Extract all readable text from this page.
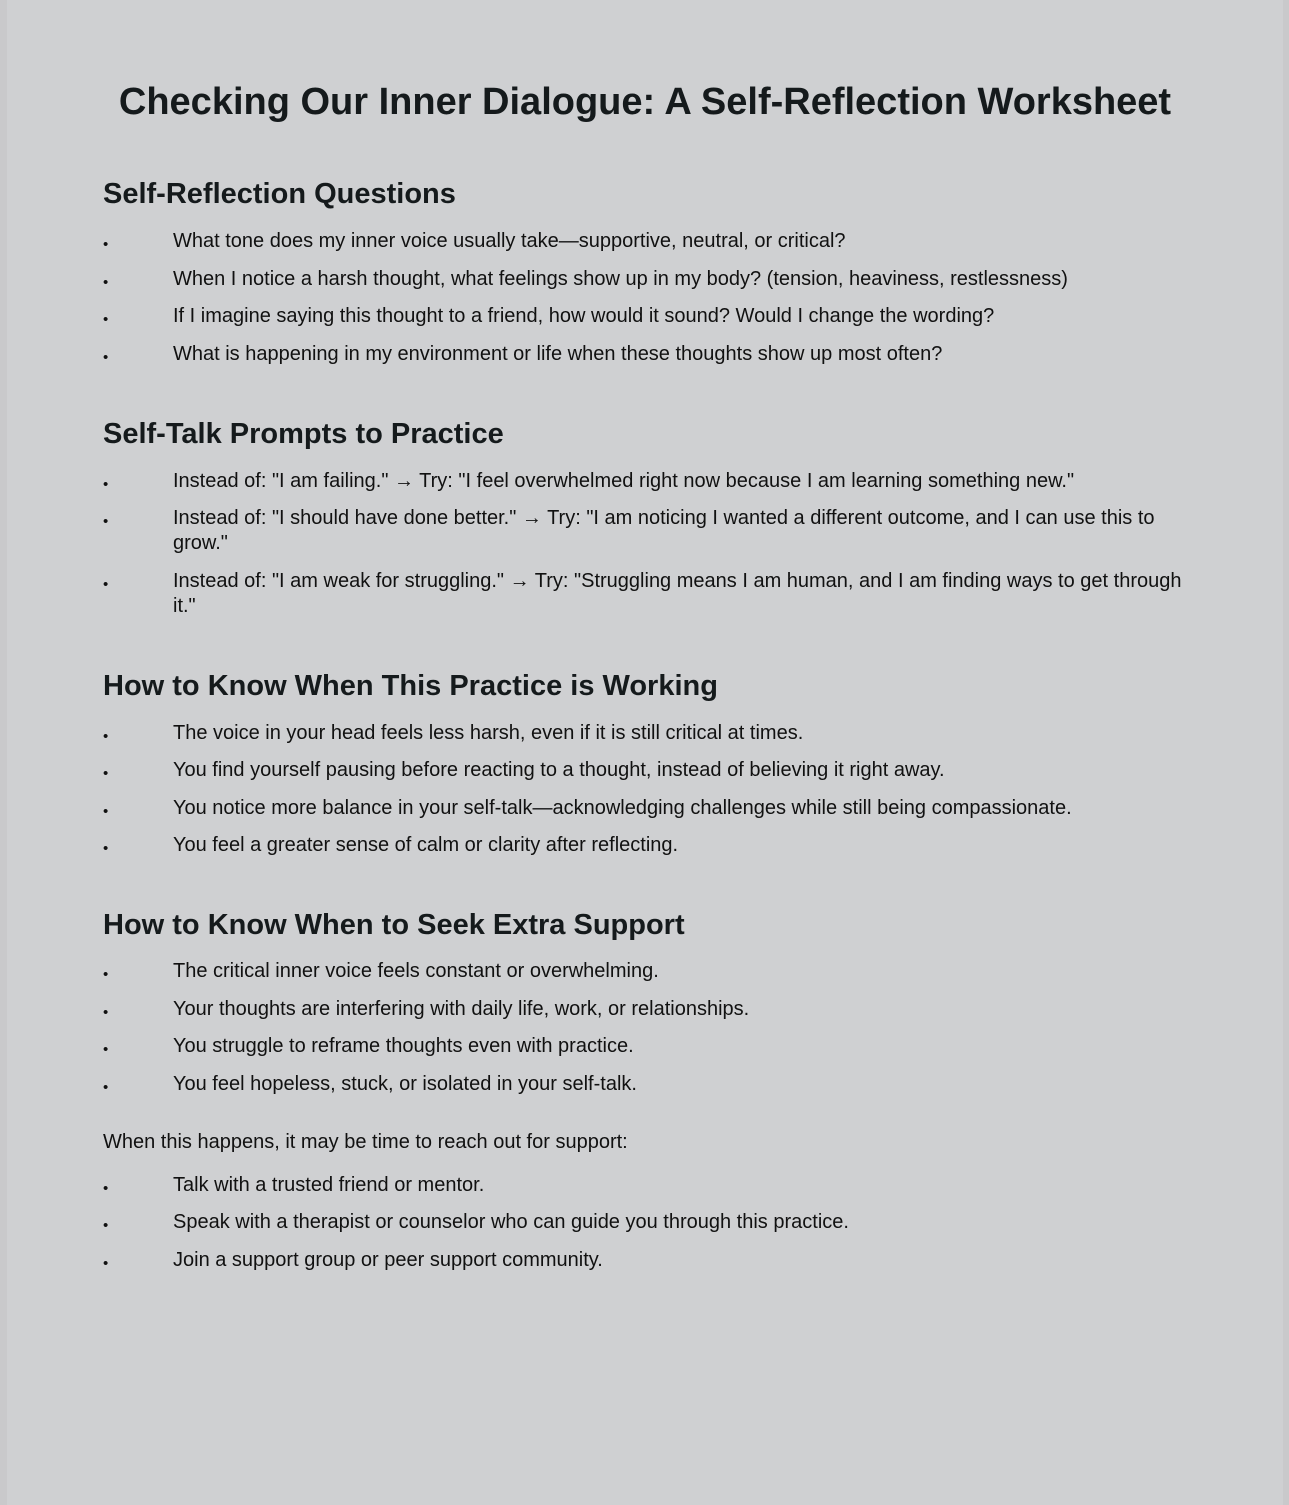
Checking Our Inner Dialogue: A Self-Reflection Worksheet
Self-Reflection Questions
•	What tone does my inner voice usually take—supportive, neutral, or critical?
•	When I notice a harsh thought, what feelings show up in my body? (tension, heaviness, restlessness)
•	If I imagine saying this thought to a friend, how would it sound? Would I change the wording?
•	What is happening in my environment or life when these thoughts show up most often?
Self-Talk Prompts to Practice
•	Instead of: "I am failing." → Try: "I feel overwhelmed right now because I am learning something new."
•	Instead of: "I should have done better." → Try: "I am noticing I wanted a different outcome, and I can use this to grow."
•	Instead of: "I am weak for struggling." → Try: "Struggling means I am human, and I am finding ways to get through it."
How to Know When This Practice is Working
•	The voice in your head feels less harsh, even if it is still critical at times.
•	You find yourself pausing before reacting to a thought, instead of believing it right away.
•	You notice more balance in your self-talk—acknowledging challenges while still being compassionate.
•	You feel a greater sense of calm or clarity after reflecting.
How to Know When to Seek Extra Support
•	The critical inner voice feels constant or overwhelming.
•	Your thoughts are interfering with daily life, work, or relationships.
•	You struggle to reframe thoughts even with practice.
•	You feel hopeless, stuck, or isolated in your self-talk.

When this happens, it may be time to reach out for support:

•	Talk with a trusted friend or mentor.
•	Speak with a therapist or counselor who can guide you through this practice.
•	Join a support group or peer support community.
